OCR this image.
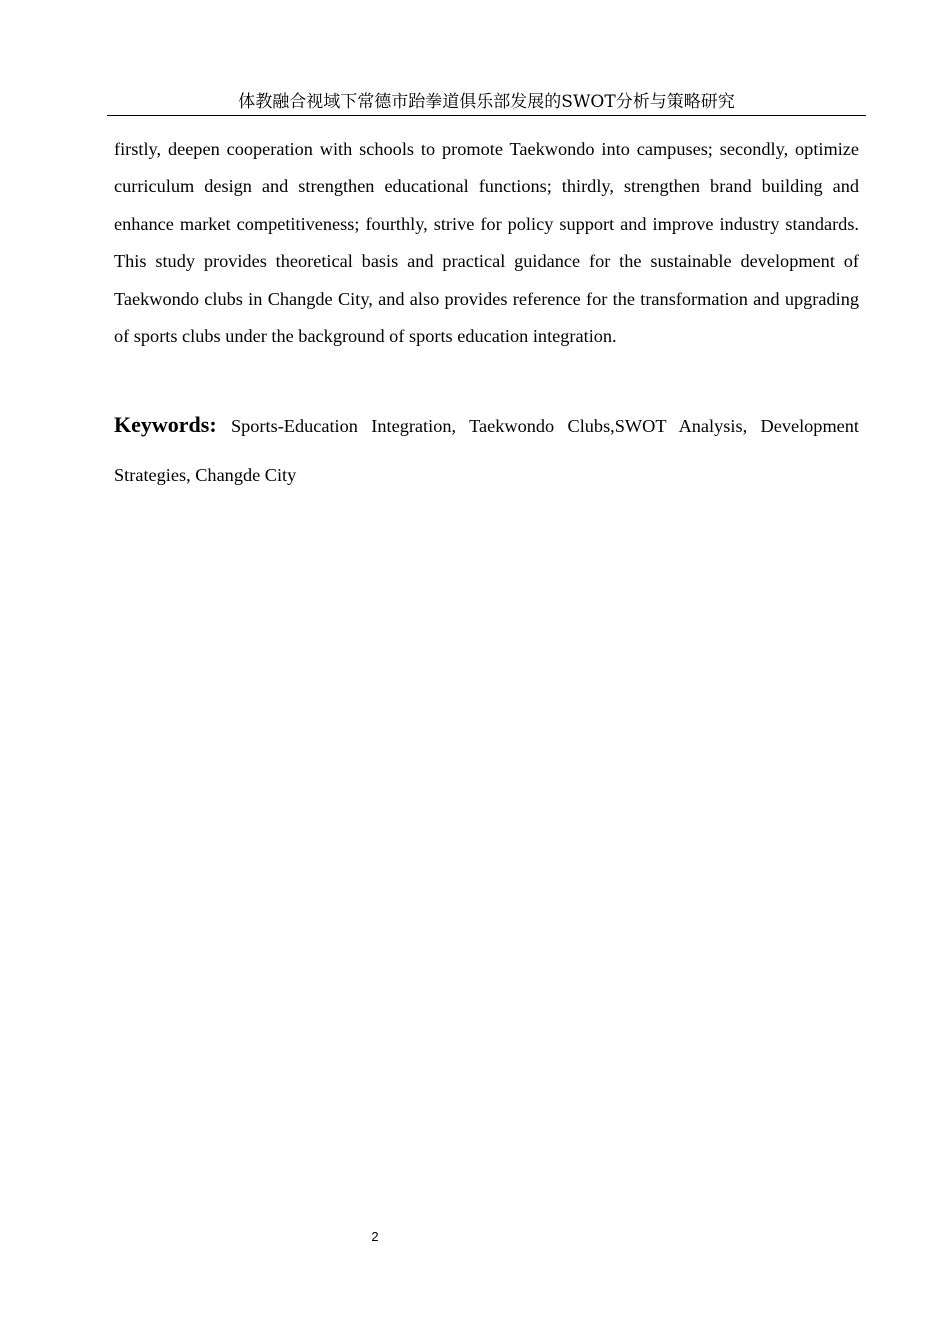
体教融合视域下常德市跆拳道俱乐部发展的SWOT分析与策略研究

firstly, deepen cooperation with schools to promote Taekwondo into campuses; secondly, optimize curriculum design and strengthen educational functions; thirdly, strengthen brand building and enhance market competitiveness; fourthly, strive for policy support and improve industry standards. This study provides theoretical basis and practical guidance for the sustainable development of Taekwondo clubs in Changde City, and also provides reference for the transformation and upgrading of sports clubs under the background of sports education integration.

Keywords: Sports-Education Integration, Taekwondo Clubs,SWOT Analysis, Development Strategies, Changde City

2
